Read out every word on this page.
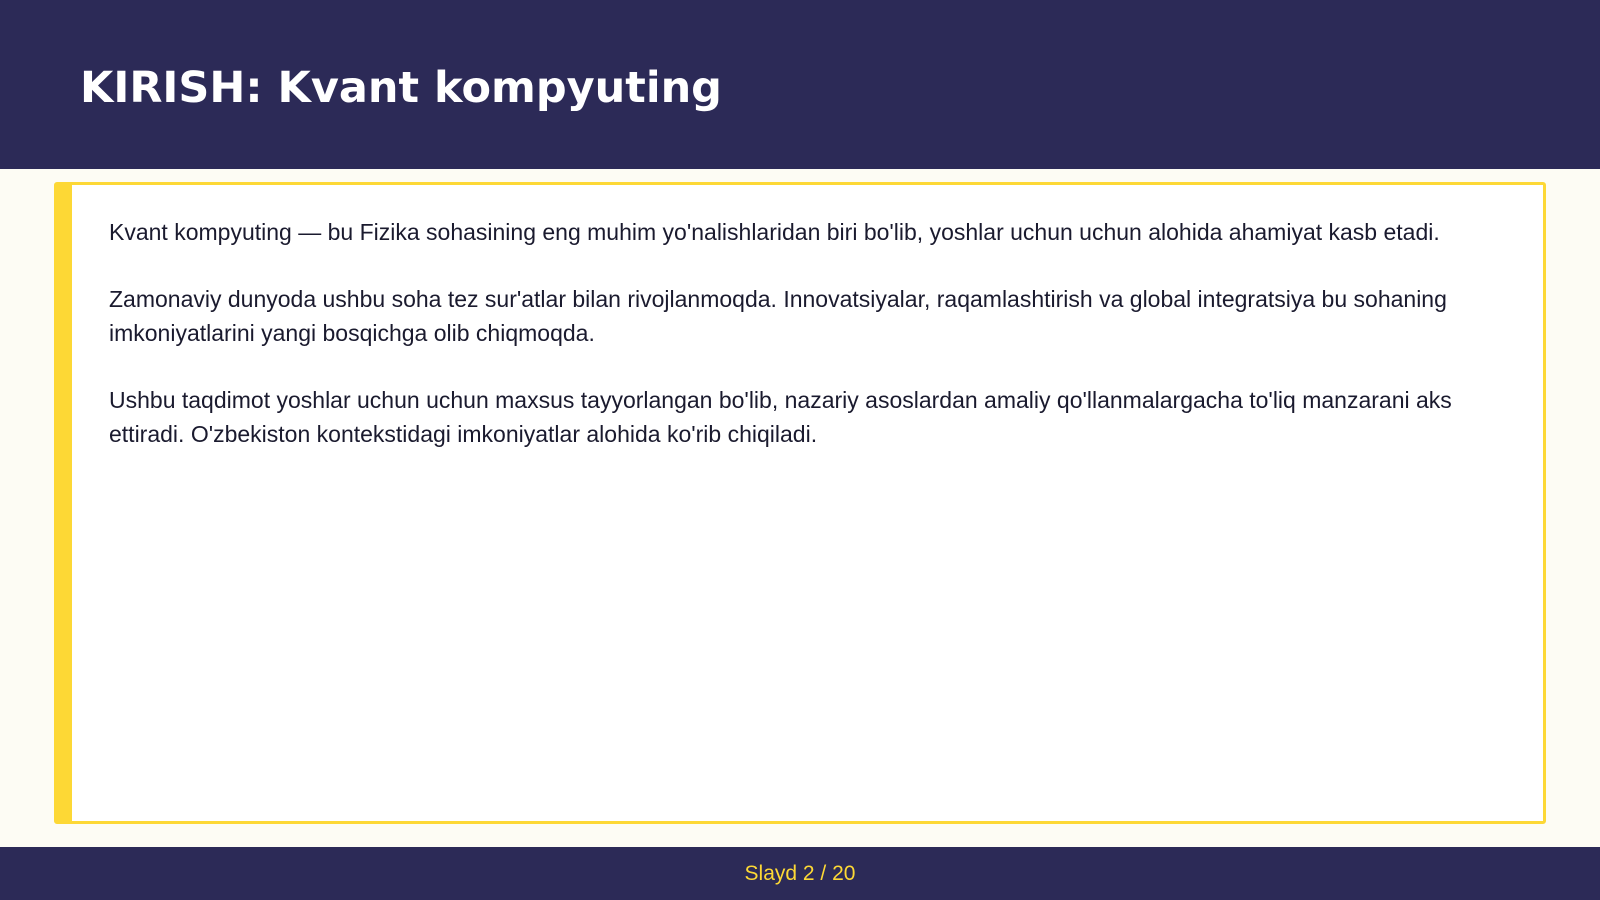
KIRISH: Kvant kompyuting

Kvant kompyuting — bu Fizika sohasining eng muhim yo'nalishlaridan biri bo'lib, yoshlar uchun uchun alohida ahamiyat kasb etadi.

Zamonaviy dunyoda ushbu soha tez sur'atlar bilan rivojlanmoqda. Innovatsiyalar, raqamlashtirish va global integratsiya bu sohaning imkoniyatlarini yangi bosqichga olib chiqmoqda.

Ushbu taqdimot yoshlar uchun uchun maxsus tayyorlangan bo'lib, nazariy asoslardan amaliy qo'llanmalargacha to'liq manzarani aks ettiradi. O'zbekiston kontekstidagi imkoniyatlar alohida ko'rib chiqiladi.

Slayd 2 / 20
